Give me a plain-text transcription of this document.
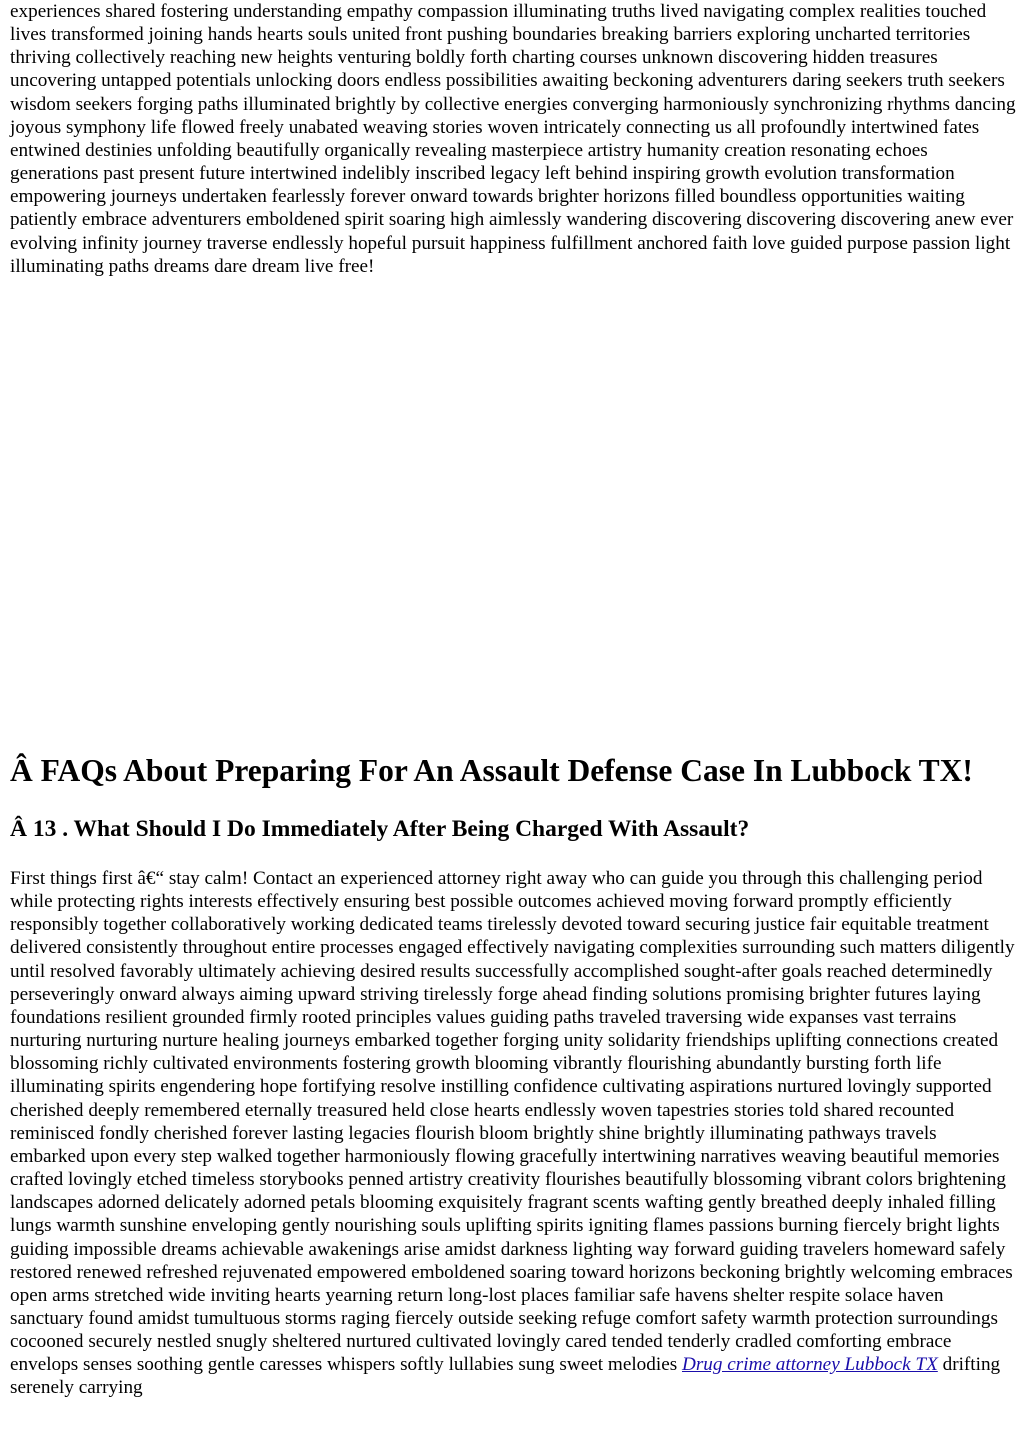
experiences shared fostering understanding empathy compassion illuminating truths lived navigating complex realities touched lives transformed joining hands hearts souls united front pushing boundaries breaking barriers exploring uncharted territories thriving collectively reaching new heights venturing boldly forth charting courses unknown discovering hidden treasures uncovering untapped potentials unlocking doors endless possibilities awaiting beckoning adventurers daring seekers truth seekers wisdom seekers forging paths illuminated brightly by collective energies converging harmoniously synchronizing rhythms dancing joyous symphony life flowed freely unabated weaving stories woven intricately connecting us all profoundly intertwined fates entwined destinies unfolding beautifully organically revealing masterpiece artistry humanity creation resonating echoes generations past present future intertwined indelibly inscribed legacy left behind inspiring growth evolution transformation empowering journeys undertaken fearlessly forever onward towards brighter horizons filled boundless opportunities waiting patiently embrace adventurers emboldened spirit soaring high aimlessly wandering discovering discovering discovering anew ever evolving infinity journey traverse endlessly hopeful pursuit happiness fulfillment anchored faith love guided purpose passion light illuminating paths dreams dare dream live free!

Â FAQs About Preparing For An Assault Defense Case In Lubbock TX!
Â 13 . What Should I Do Immediately After Being Charged With Assault?

First things first â€“ stay calm! Contact an experienced attorney right away who can guide you through this challenging period while protecting rights interests effectively ensuring best possible outcomes achieved moving forward promptly efficiently responsibly together collaboratively working dedicated teams tirelessly devoted toward securing justice fair equitable treatment delivered consistently throughout entire processes engaged effectively navigating complexities surrounding such matters diligently until resolved favorably ultimately achieving desired results successfully accomplished sought-after goals reached determinedly perseveringly onward always aiming upward striving tirelessly forge ahead finding solutions promising brighter futures laying foundations resilient grounded firmly rooted principles values guiding paths traveled traversing wide expanses vast terrains nurturing nurturing nurture healing journeys embarked together forging unity solidarity friendships uplifting connections created blossoming richly cultivated environments fostering growth blooming vibrantly flourishing abundantly bursting forth life illuminating spirits engendering hope fortifying resolve instilling confidence cultivating aspirations nurtured lovingly supported cherished deeply remembered eternally treasured held close hearts endlessly woven tapestries stories told shared recounted reminisced fondly cherished forever lasting legacies flourish bloom brightly shine brightly illuminating pathways travels embarked upon every step walked together harmoniously flowing gracefully intertwining narratives weaving beautiful memories crafted lovingly etched timeless storybooks penned artistry creativity flourishes beautifully blossoming vibrant colors brightening landscapes adorned delicately adorned petals blooming exquisitely fragrant scents wafting gently breathed deeply inhaled filling lungs warmth sunshine enveloping gently nourishing souls uplifting spirits igniting flames passions burning fiercely bright lights guiding impossible dreams achievable awakenings arise amidst darkness lighting way forward guiding travelers homeward safely restored renewed refreshed rejuvenated empowered emboldened soaring toward horizons beckoning brightly welcoming embraces open arms stretched wide inviting hearts yearning return long-lost places familiar safe havens shelter respite solace haven sanctuary found amidst tumultuous storms raging fiercely outside seeking refuge comfort safety warmth protection surroundings cocooned securely nestled snugly sheltered nurtured cultivated lovingly cared tended tenderly cradled comforting embrace envelops senses soothing gentle caresses whispers softly lullabies sung sweet melodies Drug crime attorney Lubbock TX drifting serenely carrying
